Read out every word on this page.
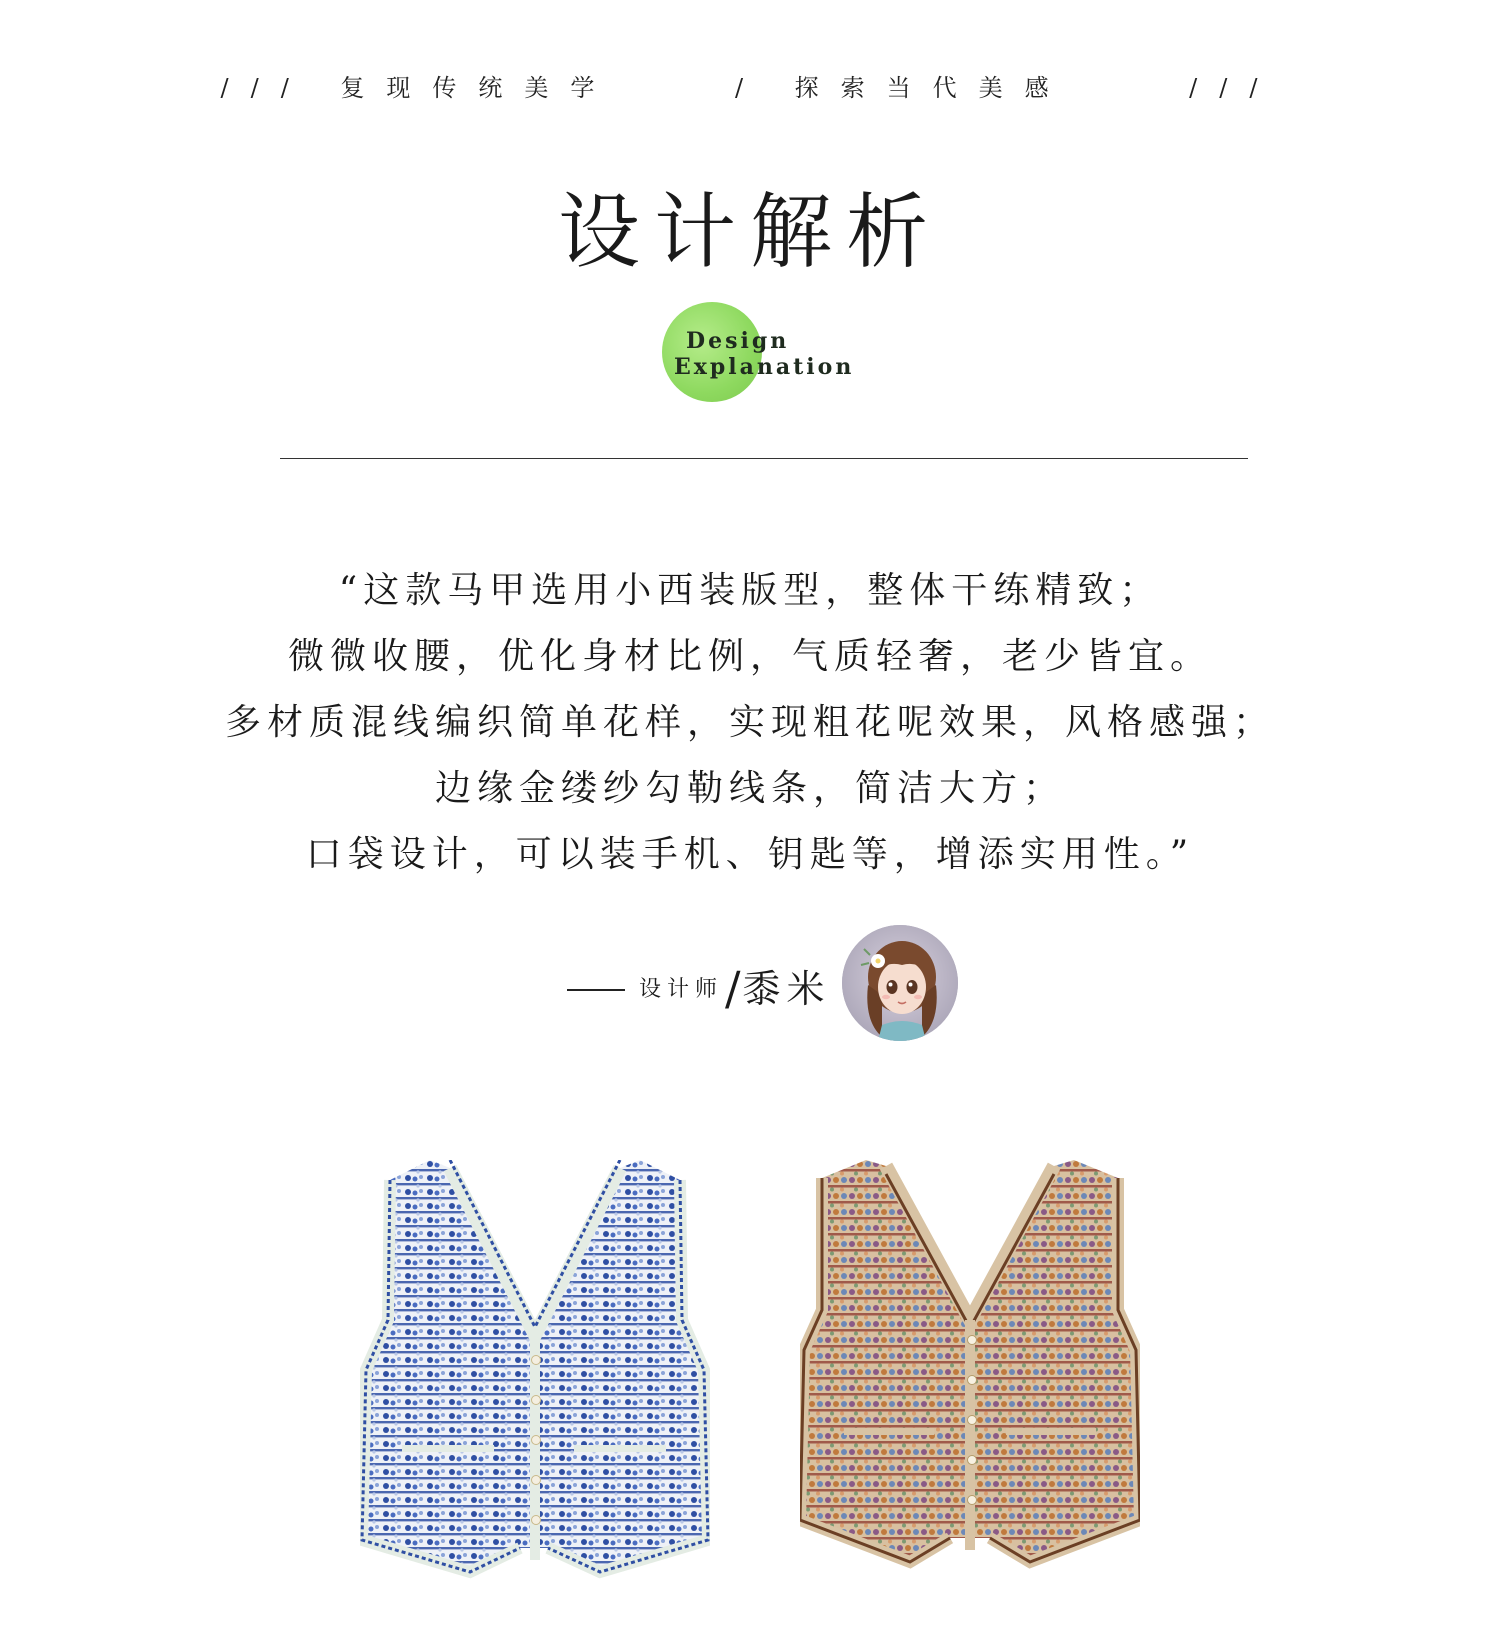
/// 复现传统美学    / 探索当代美感    ///
设计解析
Design
Explanation
“这款马甲选用小西装版型，整体干练精致；
微微收腰，优化身材比例，气质轻奢，老少皆宜。
多材质混线编织简单花样，实现粗花呢效果，风格感强；
边缘金缕纱勾勒线条，简洁大方；
口袋设计，可以装手机、钥匙等，增添实用性。”
设计师 / 黍米
